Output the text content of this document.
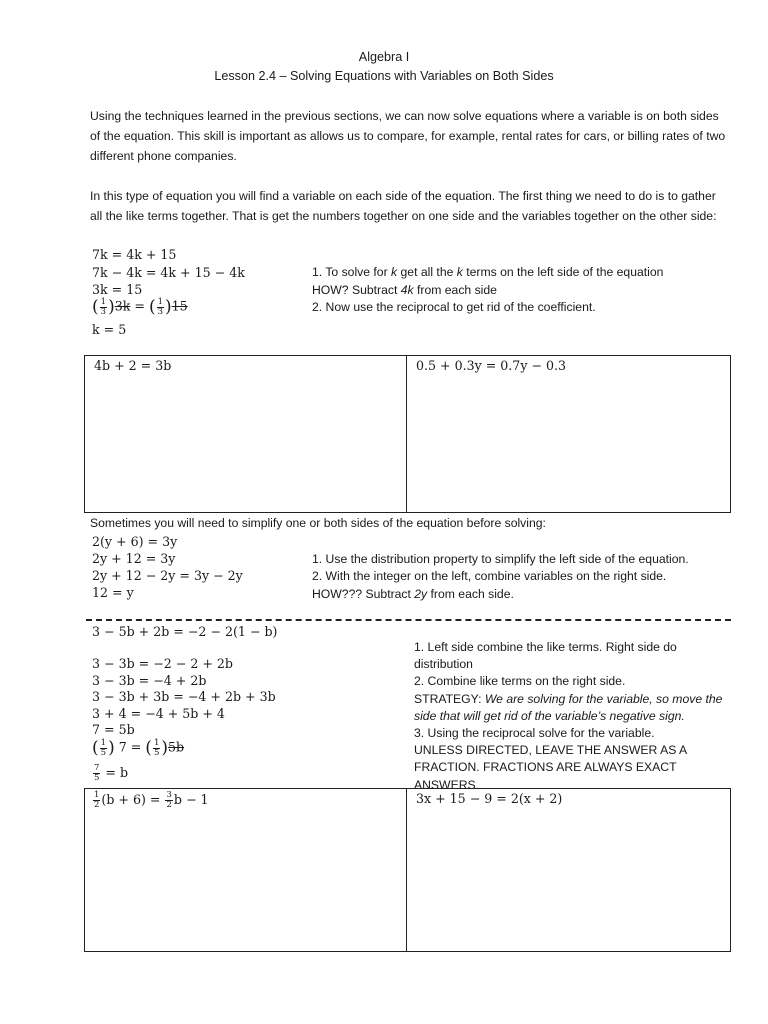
Algebra I
Lesson 2.4 – Solving Equations with Variables on Both Sides
Using the techniques learned in the previous sections, we can now solve equations where a variable is on both sides of the equation. This skill is important as allows us to compare, for example, rental rates for cars, or billing rates of two different phone companies.
In this type of equation you will find a variable on each side of the equation. The first thing we need to do is to gather all the like terms together. That is get the numbers together on one side and the variables together on the other side:
7k = 4k + 15
7k − 4k = 4k + 15 − 4k
3k = 15
( $\frac{1}{3} )3k$ = ( $\frac{1}{3} )15$
k = 5
1. To solve for k get all the k terms on the left side of the equation
HOW? Subtract 4k from each side
2. Now use the reciprocal to get rid of the coefficient.
4b + 2 = 3b	0.5 + 0.3y = 0.7y − 0.3
Sometimes you will need to simplify one or both sides of the equation before solving:
2(y + 6) = 3y
2y + 12 = 3y
2y + 12 − 2y = 3y − 2y
12 = y
1. Use the distribution property to simplify the left side of the equation.
2. With the integer on the left, combine variables on the right side.
HOW??? Subtract 2y from each side.
3 − 5b + 2b = −2 − 2(1 − b)
3 − 3b = −2 − 2 + 2b
3 − 3b = −4 + 2b
3 − 3b + 3b = −4 + 2b + 3b
3 + 4 = −4 + 5b + 4
7 = 5b
( $\frac{1}{5}$ ) 7 = ( $\frac{1}{5} )5b$
$\frac{7}{5} = b$
1. Left side combine the like terms. Right side do distribution
2. Combine like terms on the right side.
STRATEGY: We are solving for the variable, so move the side that will get rid of the variable’s negative sign.
3. Using the reciprocal solve for the variable.
UNLESS DIRECTED, LEAVE THE ANSWER AS A FRACTION. FRACTIONS ARE ALWAYS EXACT ANSWERS.
$\frac{1}{2} (b + 6) = \frac{3}{2}$ b − 1	3x + 15 − 9 = 2(x + 2)
